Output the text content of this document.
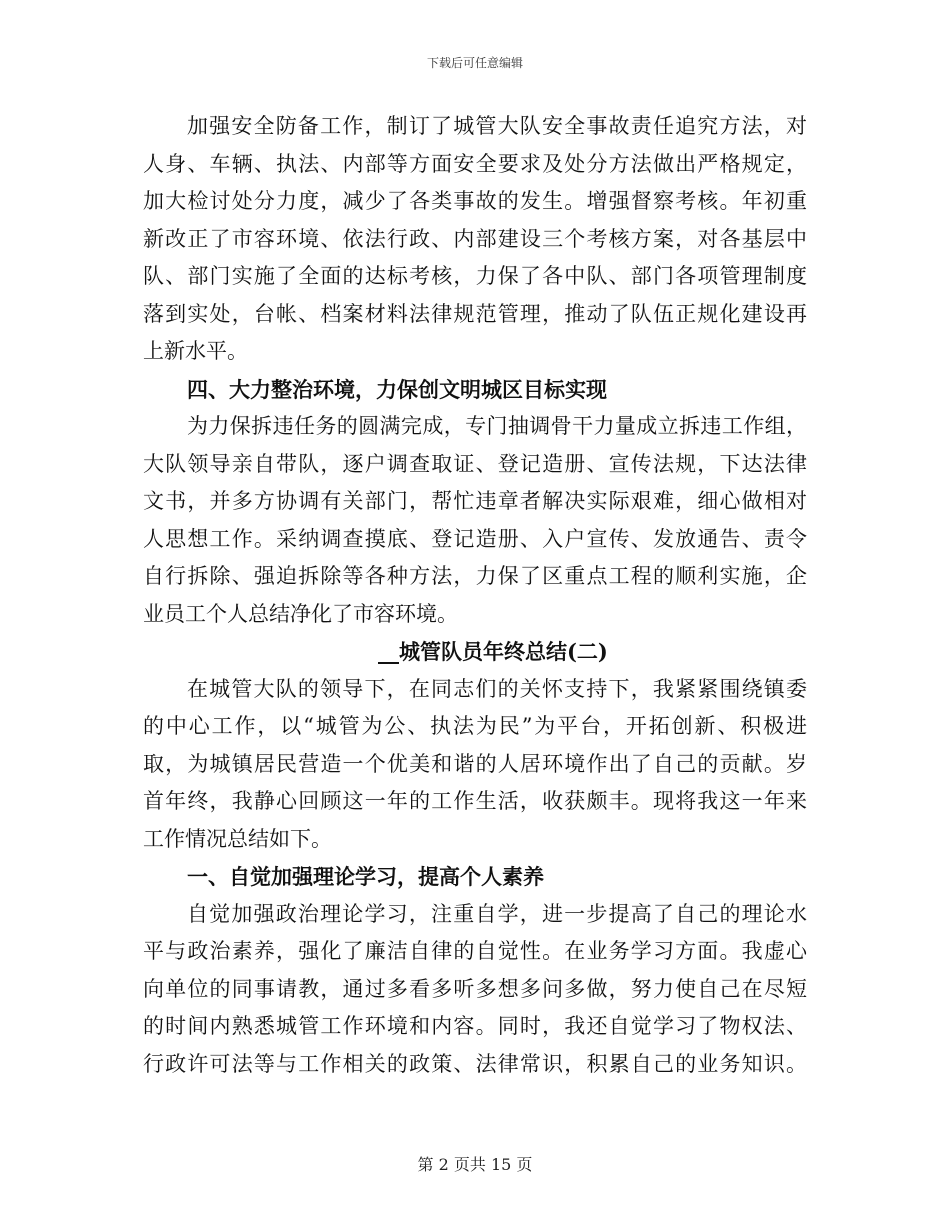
下载后可任意编辑
加强安全防备工作，制订了城管大队安全事故责任追究方法，对
人身、车辆、执法、内部等方面安全要求及处分方法做出严格规定，
加大检讨处分力度，减少了各类事故的发生。增强督察考核。年初重
新改正了市容环境、依法行政、内部建设三个考核方案，对各基层中
队、部门实施了全面的达标考核，力保了各中队、部门各项管理制度
落到实处，台帐、档案材料法律规范管理，推动了队伍正规化建设再
上新水平。
四、大力整治环境，力保创文明城区目标实现
为力保拆违任务的圆满完成，专门抽调骨干力量成立拆违工作组，
大队领导亲自带队，逐户调查取证、登记造册、宣传法规，下达法律
文书，并多方协调有关部门，帮忙违章者解决实际艰难，细心做相对
人思想工作。采纳调查摸底、登记造册、入户宣传、发放通告、责令
自行拆除、强迫拆除等各种方法，力保了区重点工程的顺利实施，企
业员工个人总结净化了市容环境。
__城管队员年终总结(二)
在城管大队的领导下，在同志们的关怀支持下，我紧紧围绕镇委
的中心工作，以“城管为公、执法为民”为平台，开拓创新、积极进
取，为城镇居民营造一个优美和谐的人居环境作出了自己的贡献。岁
首年终，我静心回顾这一年的工作生活，收获颇丰。现将我这一年来
工作情况总结如下。
一、自觉加强理论学习，提高个人素养
自觉加强政治理论学习，注重自学，进一步提高了自己的理论水
平与政治素养，强化了廉洁自律的自觉性。在业务学习方面。我虚心
向单位的同事请教，通过多看多听多想多问多做，努力使自己在尽短
的时间内熟悉城管工作环境和内容。同时，我还自觉学习了物权法、
行政许可法等与工作相关的政策、法律常识，积累自己的业务知识。
第 2 页共 15 页
